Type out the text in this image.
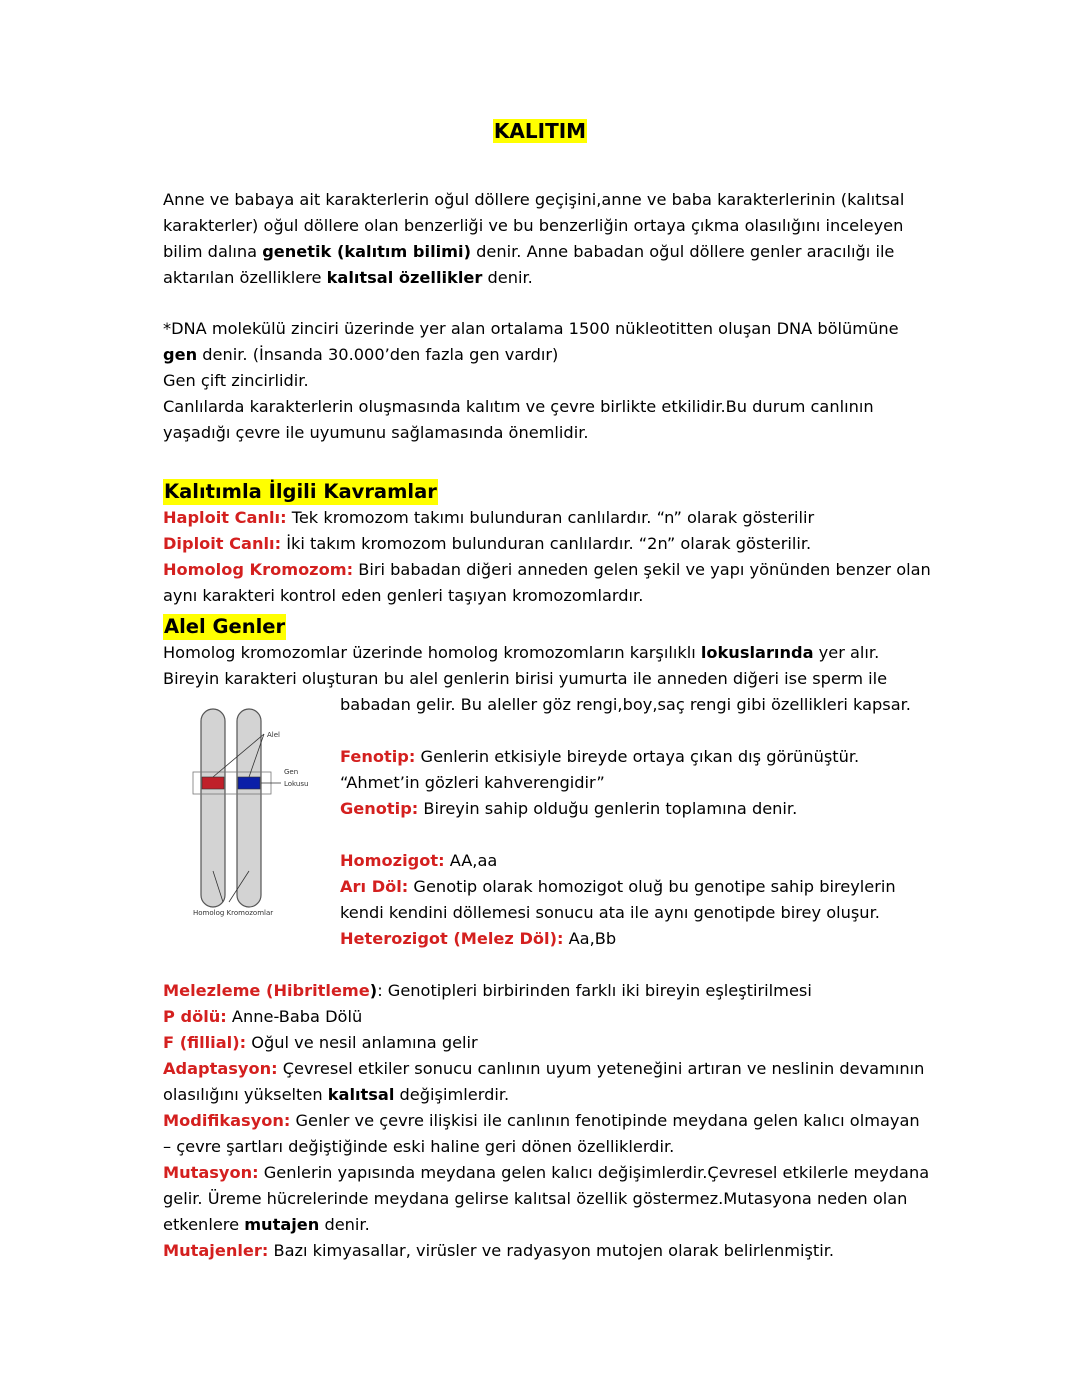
KALITIM
Anne ve babaya ait karakterlerin oğul döllere geçişini,anne ve baba karakterlerinin (kalıtsal
karakterler) oğul döllere olan benzerliği ve bu benzerliğin ortaya çıkma olasılığını inceleyen
bilim dalına genetik (kalıtım bilimi) denir. Anne babadan oğul döllere genler aracılığı ile
aktarılan özelliklere kalıtsal özellikler denir.
*DNA molekülü zinciri üzerinde yer alan ortalama 1500 nükleotitten oluşan DNA bölümüne
gen denir. (İnsanda 30.000’den fazla gen vardır)
Gen çift zincirlidir.
Canlılarda karakterlerin oluşmasında kalıtım ve çevre birlikte etkilidir.Bu durum canlının
yaşadığı çevre ile uyumunu sağlamasında önemlidir.
Kalıtımla İlgili Kavramlar
Haploit Canlı: Tek kromozom takımı bulunduran canlılardır. “n” olarak gösterilir
Diploit Canlı: İki takım kromozom bulunduran canlılardır. “2n” olarak gösterilir.
Homolog Kromozom: Biri babadan diğeri anneden gelen şekil ve yapı yönünden benzer olan
aynı karakteri kontrol eden genleri taşıyan kromozomlardır.
Alel Genler
Homolog kromozomlar üzerinde homolog kromozomların karşılıklı lokuslarında yer alır.
Bireyin karakteri oluşturan bu alel genlerin birisi yumurta ile anneden diğeri ise sperm ile
Alel
Gen
Lokusu
Homolog Kromozomlar
babadan gelir. Bu aleller göz rengi,boy,saç rengi gibi özellikleri kapsar.
Fenotip: Genlerin etkisiyle bireyde ortaya çıkan dış görünüştür.
“Ahmet’in gözleri kahverengidir”
Genotip: Bireyin sahip olduğu genlerin toplamına denir.
Homozigot: AA,aa
Arı Döl: Genotip olarak homozigot oluğ bu genotipe sahip bireylerin
kendi kendini döllemesi sonucu ata ile aynı genotipde birey oluşur.
Heterozigot (Melez Döl): Aa,Bb
Melezleme (Hibritleme): Genotipleri birbirinden farklı iki bireyin eşleştirilmesi
P dölü: Anne-Baba Dölü
F (fillial): Oğul ve nesil anlamına gelir
Adaptasyon: Çevresel etkiler sonucu canlının uyum yeteneğini artıran ve neslinin devamının
olasılığını yükselten kalıtsal değişimlerdir.
Modifikasyon: Genler ve çevre ilişkisi ile canlının fenotipinde meydana gelen kalıcı olmayan
– çevre şartları değiştiğinde eski haline geri dönen özelliklerdir.
Mutasyon: Genlerin yapısında meydana gelen kalıcı değişimlerdir.Çevresel etkilerle meydana
gelir. Üreme hücrelerinde meydana gelirse kalıtsal özellik göstermez.Mutasyona neden olan
etkenlere mutajen denir.
Mutajenler: Bazı kimyasallar, virüsler ve radyasyon mutojen olarak belirlenmiştir.
